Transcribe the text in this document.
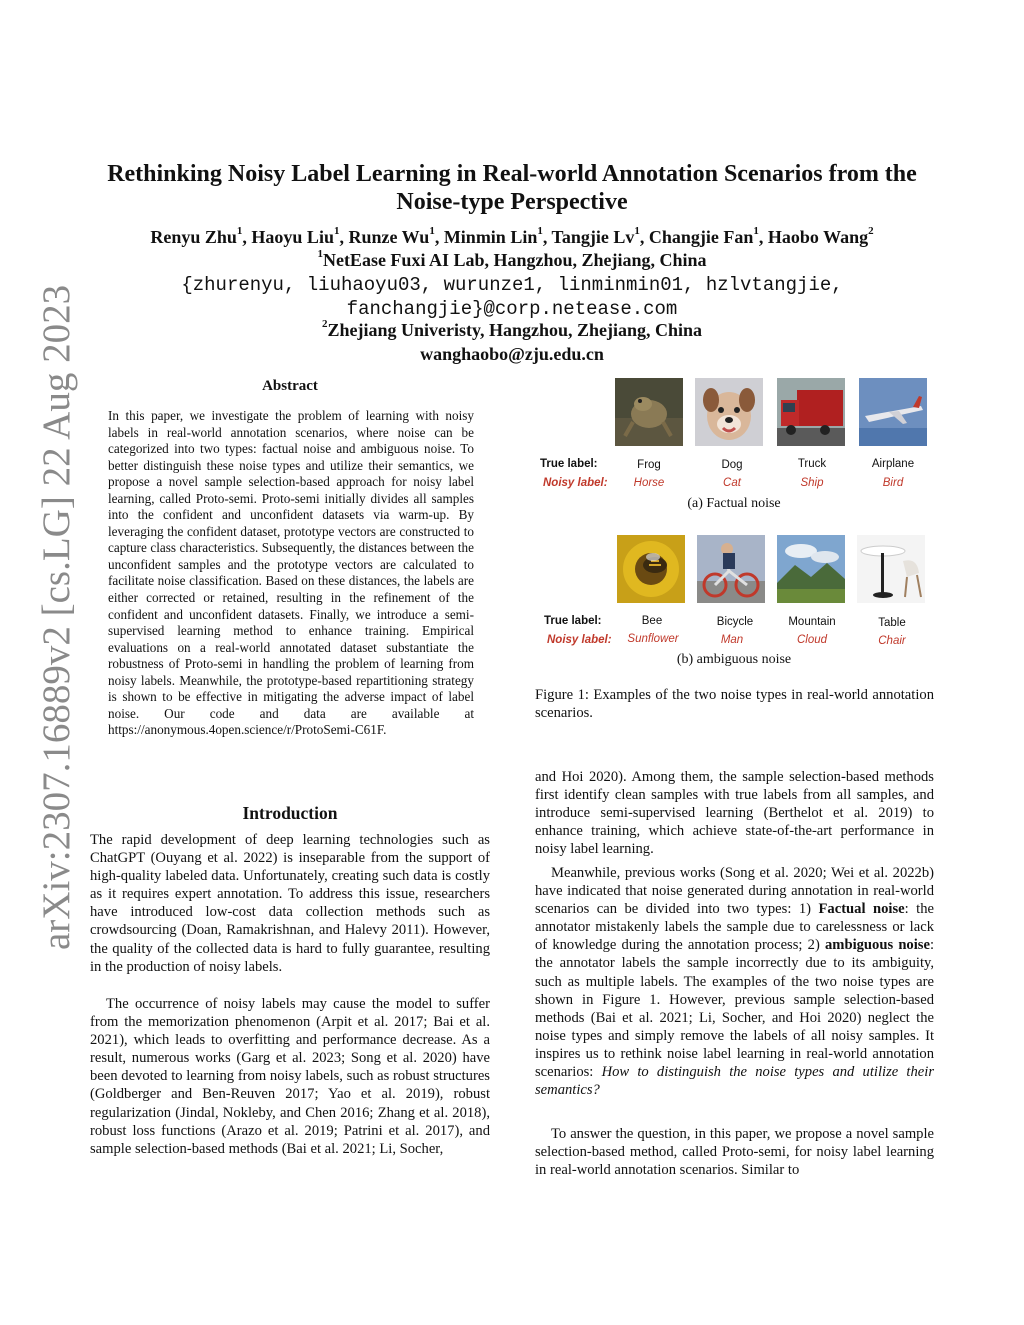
arXiv:2307.16889v2 [cs.LG] 22 Aug 2023
Rethinking Noisy Label Learning in Real-world Annotation Scenarios from the
Noise-type Perspective
Renyu Zhu$^1$, Haoyu Liu$^1$, Runze Wu$^1$, Minmin Lin$^1$, Tangjie Lv$^1$, Changjie Fan$^1$, Haobo Wang$^2$
$^1$NetEase Fuxi AI Lab, Hangzhou, Zhejiang, China
{zhurenyu, liuhaoyu03, wurunze1, linminmin01, hzlvtangjie,
fanchangjie}@corp.netease.com
$^2$Zhejiang Univeristy, Hangzhou, Zhejiang, China
wanghaobo@zju.edu.cn
Abstract

In this paper, we investigate the problem of learning with noisy labels in real-world annotation scenarios, where noise can be categorized into two types: factual noise and ambiguous noise. To better distinguish these noise types and utilize their semantics, we propose a novel sample selection-based approach for noisy label learning, called Proto-semi. Proto-semi initially divides all samples into the confident and unconfident datasets via warm-up. By leveraging the confident dataset, prototype vectors are constructed to capture class characteristics. Subsequently, the distances between the unconfident samples and the prototype vectors are calculated to facilitate noise classification. Based on these distances, the labels are either corrected or retained, resulting in the refinement of the confident and unconfident datasets. Finally, we introduce a semi-supervised learning method to enhance training. Empirical evaluations on a real-world annotated dataset substantiate the robustness of Proto-semi in handling the problem of learning from noisy labels. Meanwhile, the prototype-based repartitioning strategy is shown to be effective in mitigating the adverse impact of label noise. Our code and data are available at https://anonymous.4open.science/r/ProtoSemi-C61F.

Introduction

The rapid development of deep learning technologies such as ChatGPT (Ouyang et al. 2022) is inseparable from the support of high-quality labeled data. Unfortunately, creating such data is costly as it requires expert annotation. To address this issue, researchers have introduced low-cost data collection methods such as crowdsourcing (Doan, Ramakrishnan, and Halevy 2011). However, the quality of the collected data is hard to fully guarantee, resulting in the production of noisy labels.

The occurrence of noisy labels may cause the model to suffer from the memorization phenomenon (Arpit et al. 2017; Bai et al. 2021), which leads to overfitting and performance decrease. As a result, numerous works (Garg et al. 2023; Song et al. 2020) have been devoted to learning from noisy labels, such as robust structures (Goldberger and Ben-Reuven 2017; Yao et al. 2019), robust regularization (Jindal, Nokleby, and Chen 2016; Zhang et al. 2018), robust loss functions (Arazo et al. 2019; Patrini et al. 2017), and sample selection-based methods (Bai et al. 2021; Li, Socher,

and Hoi 2020). Among them, the sample selection-based methods first identify clean samples with true labels from all samples, and introduce semi-supervised learning (Berthelot et al. 2019) to enhance training, which achieve state-of-the-art performance in noisy label learning.

Meanwhile, previous works (Song et al. 2020; Wei et al. 2022b) have indicated that noise generated during annotation in real-world scenarios can be divided into two types: 1) Factual noise: the annotator mistakenly labels the sample due to carelessness or lack of knowledge during the annotation process; 2) ambiguous noise: the annotator labels the sample incorrectly due to its ambiguity, such as multiple labels. The examples of the two noise types are shown in Figure 1. However, previous sample selection-based methods (Bai et al. 2021; Li, Socher, and Hoi 2020) neglect the noise types and simply remove the labels of all noisy samples. It inspires us to rethink noise label learning in real-world annotation scenarios: How to distinguish the noise types and utilize their semantics?

To answer the question, in this paper, we propose a novel sample selection-based method, called Proto-semi, for noisy label learning in real-world annotation scenarios. Similar to

True label:
Noisy label:
Frog
Horse
Dog
Cat
Truck
Ship
Airplane
Bird
(a) Factual noise
True label:
Noisy label:
Bee
Sunflower
Bicycle
Man
Mountain
Cloud
Table
Chair
(b) ambiguous noise

Figure 1: Examples of the two noise types in real-world annotation scenarios.
